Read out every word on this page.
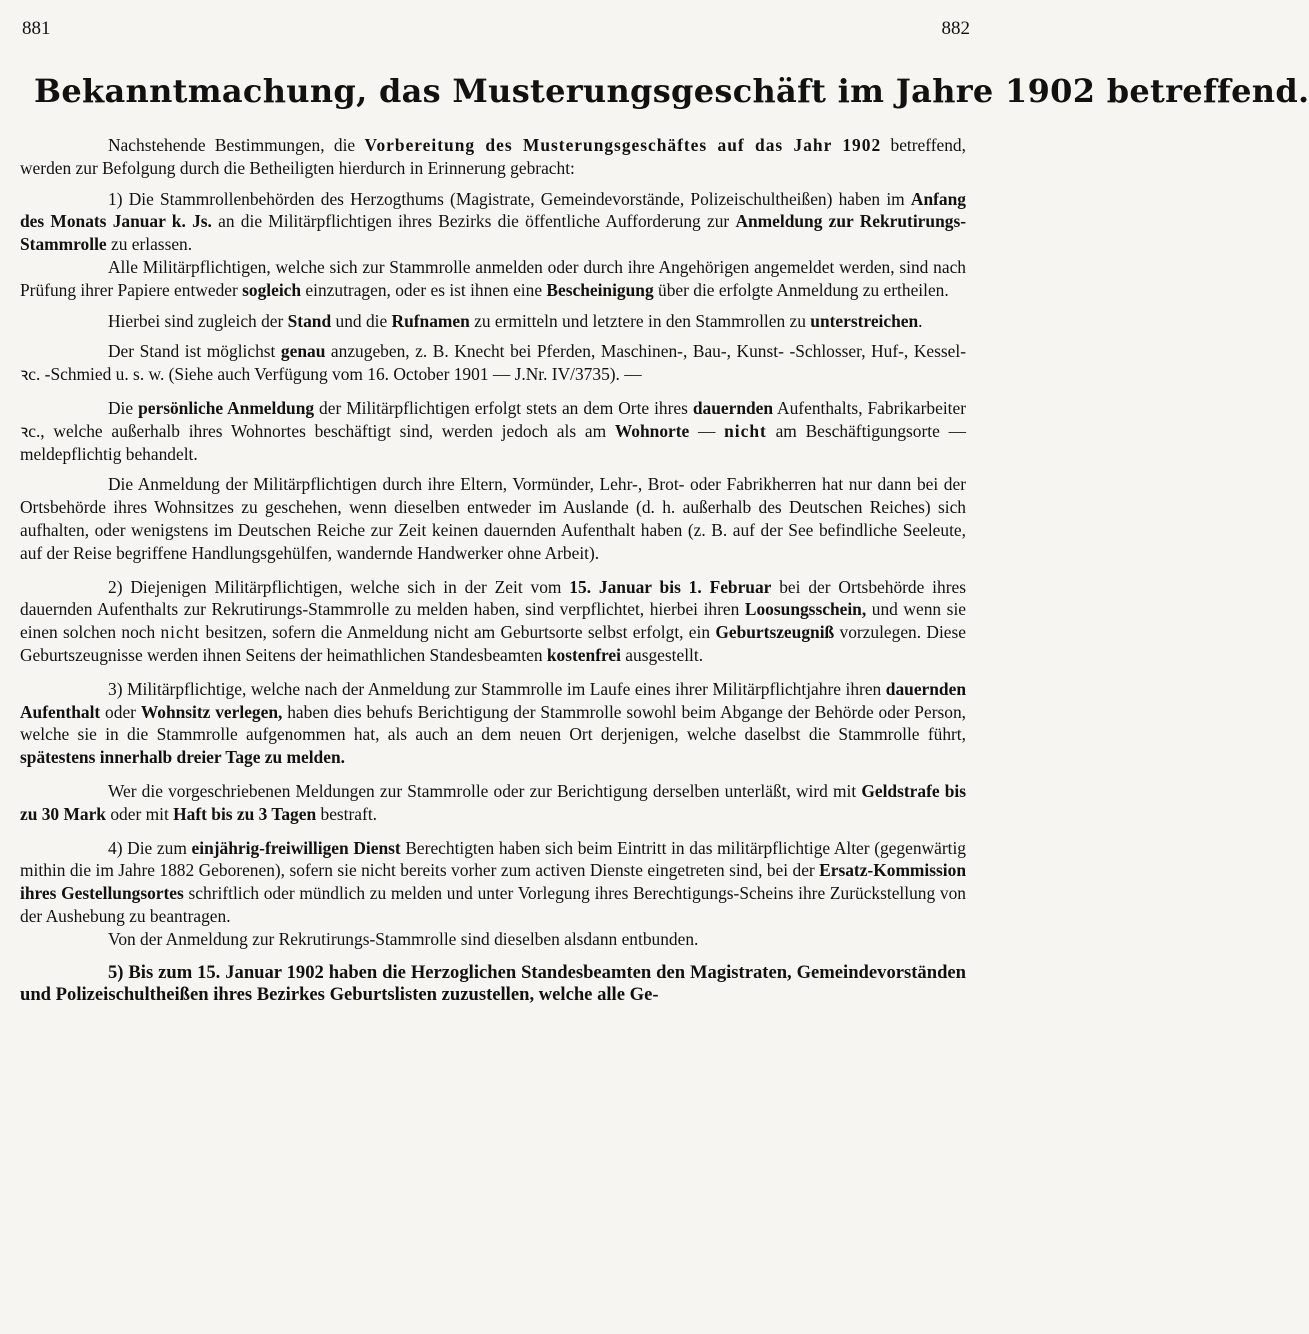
881	882
Bekanntmachung, das Musterungsgeschäft im Jahre 1902 betreffend.

Nachstehende Bestimmungen, die Vorbereitung des Musterungsgeschäftes auf das Jahr 1902 betreffend, werden zur Befolgung durch die Betheiligten hierdurch in Erinnerung gebracht:

1) Die Stammrollenbehörden des Herzogthums (Magistrate, Gemeindevorstände, Polizeischultheißen) haben im Anfang des Monats Januar k. Js. an die Militärpflichtigen ihres Bezirks die öffentliche Aufforderung zur Anmeldung zur Rekrutirungs-Stammrolle zu erlassen.

Alle Militärpflichtigen, welche sich zur Stammrolle anmelden oder durch ihre Angehörigen angemeldet werden, sind nach Prüfung ihrer Papiere entweder sogleich einzutragen, oder es ist ihnen eine Bescheinigung über die erfolgte Anmeldung zu ertheilen.

Hierbei sind zugleich der Stand und die Rufnamen zu ermitteln und letztere in den Stammrollen zu unterstreichen.

Der Stand ist möglichst genau anzugeben, z. B. Knecht bei Pferden, Maschinen-, Bau-, Kunst- -Schlosser, Huf-, Kessel- ꝛc. -Schmied u. s. w. (Siehe auch Verfügung vom 16. October 1901 — J.Nr. IV/3735). —

Die persönliche Anmeldung der Militärpflichtigen erfolgt stets an dem Orte ihres dauernden Aufenthalts, Fabrikarbeiter ꝛc., welche außerhalb ihres Wohnortes beschäftigt sind, werden jedoch als am Wohnorte — nicht am Beschäftigungsorte — meldepflichtig behandelt.

Die Anmeldung der Militärpflichtigen durch ihre Eltern, Vormünder, Lehr-, Brot- oder Fabrikherren hat nur dann bei der Ortsbehörde ihres Wohnsitzes zu geschehen, wenn dieselben entweder im Auslande (d. h. außerhalb des Deutschen Reiches) sich aufhalten, oder wenigstens im Deutschen Reiche zur Zeit keinen dauernden Aufenthalt haben (z. B. auf der See befindliche Seeleute, auf der Reise begriffene Handlungsgehülfen, wandernde Handwerker ohne Arbeit).

2) Diejenigen Militärpflichtigen, welche sich in der Zeit vom 15. Januar bis 1. Februar bei der Ortsbehörde ihres dauernden Aufenthalts zur Rekrutirungs-Stammrolle zu melden haben, sind verpflichtet, hierbei ihren Loosungsschein, und wenn sie einen solchen noch nicht besitzen, sofern die Anmeldung nicht am Geburtsorte selbst erfolgt, ein Geburtszeugniß vorzulegen. Diese Geburtszeugnisse werden ihnen Seitens der heimathlichen Standesbeamten kostenfrei ausgestellt.

3) Militärpflichtige, welche nach der Anmeldung zur Stammrolle im Laufe eines ihrer Militärpflichtjahre ihren dauernden Aufenthalt oder Wohnsitz verlegen, haben dies behufs Berichtigung der Stammrolle sowohl beim Abgange der Behörde oder Person, welche sie in die Stammrolle aufgenommen hat, als auch an dem neuen Ort derjenigen, welche daselbst die Stammrolle führt, spätestens innerhalb dreier Tage zu melden.

Wer die vorgeschriebenen Meldungen zur Stammrolle oder zur Berichtigung derselben unterläßt, wird mit Geldstrafe bis zu 30 Mark oder mit Haft bis zu 3 Tagen bestraft.

4) Die zum einjährig-freiwilligen Dienst Berechtigten haben sich beim Eintritt in das militärpflichtige Alter (gegenwärtig mithin die im Jahre 1882 Geborenen), sofern sie nicht bereits vorher zum activen Dienste eingetreten sind, bei der Ersatz-Kommission ihres Gestellungsortes schriftlich oder mündlich zu melden und unter Vorlegung ihres Berechtigungs-Scheins ihre Zurückstellung von der Aushebung zu beantragen.

Von der Anmeldung zur Rekrutirungs-Stammrolle sind dieselben alsdann entbunden.

5) Bis zum 15. Januar 1902 haben die Herzoglichen Standesbeamten den Magistraten, Gemeindevorständen und Polizeischultheißen ihres Bezirkes Geburtslisten zuzustellen, welche alle Ge-
